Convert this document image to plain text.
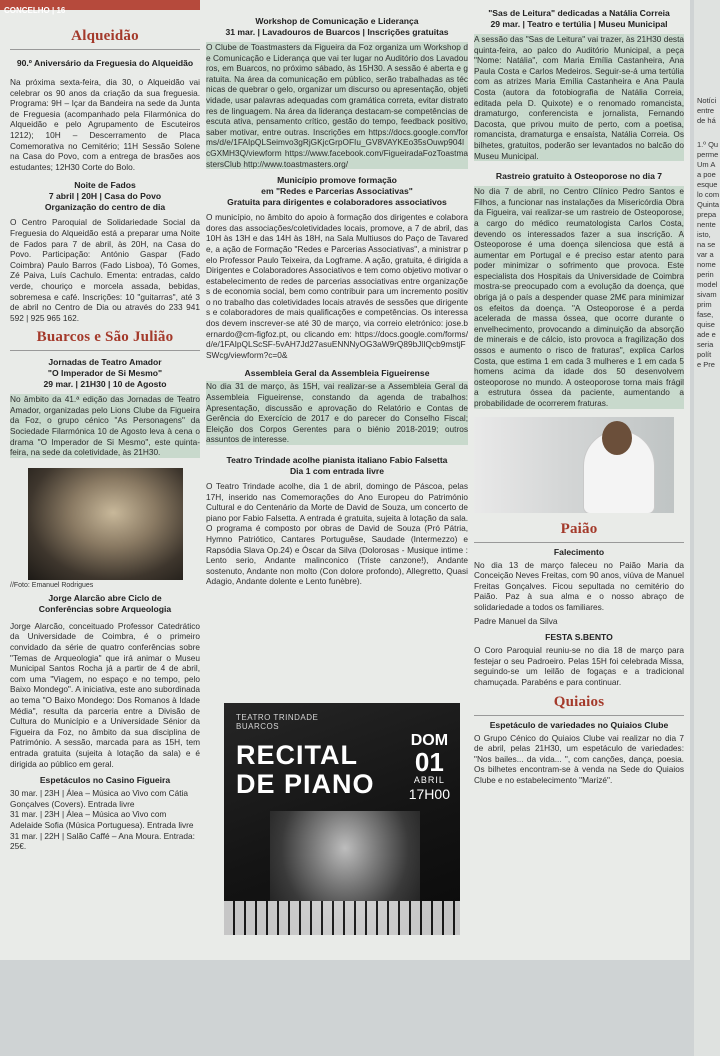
CONCELHO | 16
Alqueidão

90.º Aniversário da Freguesia do Alqueidão

Na próxima sexta-feira, dia 30, o Alqueidão vai celebrar os 90 anos da criação da sua freguesia. Programa: 9H – Içar da Bandeira na sede da Junta de Freguesia (acompanhado pela Filarmónica do Alqueidão e pelo Agrupamento de Escuteiros 1212); 10H – Descerramento de Placa Comemorativa no Cemitério; 11H Sessão Solene na Casa do Povo, com a entrega de brasões aos estudantes; 12H30 Corte do Bolo.

Noite de Fados

7 abril | 20H | Casa do Povo

Organização do centro de dia

O Centro Paroquial de Solidariedade Social da Freguesia do Alqueidão está a preparar uma Noite de Fados para 7 de abril, às 20H, na Casa do Povo. Participação: António Gaspar (Fado Coimbra) Paulo Barros (Fado Lisboa), Tó Gomes, Zé Paiva, Luís Cachulo. Ementa: entradas, caldo verde, chouriço e morcela assada, bebidas, sobremesa e café. Inscrições: 10 "guitarras", até 3 de abril no Centro de Dia ou através do 233 941 592 | 925 965 162.

Buarcos e São Julião

Jornadas de Teatro Amador

"O Imperador de Si Mesmo"

29 mar. | 21H30 | 10 de Agosto

No âmbito da 41.ª edição das Jornadas de Teatro Amador, organizadas pelo Lions Clube da Figueira da Foz, o grupo cénico "As Personagens" da Sociedade Filarmónica 10 de Agosto leva à cena o drama "O Imperador de Si Mesmo", este quinta-feira, na sede da coletividade, às 21H30.

//Foto: Emanuel Rodrigues

Jorge Alarcão abre Ciclo de

Conferências sobre Arqueologia

Jorge Alarcão, conceituado Professor Catedrático da Universidade de Coimbra, é o primeiro convidado da série de quatro conferências sobre "Temas de Arqueologia" que irá animar o Museu Municipal Santos Rocha já a partir de 4 de abril, com uma "Viagem, no espaço e no tempo, pelo Baixo Mondego". A iniciativa, este ano subordinada ao tema "O Baixo Mondego: Dos Romanos à Idade Média", resulta da parceria entre a Divisão de Cultura do Município e a Universidade Sénior da Figueira da Foz, no âmbito da sua disciplina de Património. A sessão, marcada para as 15H, tem entrada gratuita (sujeita à lotação da sala) e é dirigida ao público em geral.

Espetáculos no Casino Figueira

30 mar. | 23H | Álea – Música ao Vivo com Cátia Gonçalves (Covers). Entrada livre

31 mar. | 23H | Álea – Música ao Vivo com Adelaide Sofia (Música Portuguesa). Entrada livre

31 mar. | 22H | Salão Caffé – Ana Moura. Entrada: 25€.

Workshop de Comunicação e Liderança

31 mar. | Lavadouros de Buarcos | Inscrições gratuitas

O Clube de Toastmasters da Figueira da Foz organiza um Workshop de Comunicação e Liderança que vai ter lugar no Auditório dos Lavadouros, em Buarcos, no próximo sábado, às 15H30. A sessão é aberta e gratuita. Na área da comunicação em público, serão trabalhadas as técnicas de quebrar o gelo, organizar um discurso ou apresentação, objetividade, usar palavras adequadas com gramática correta, evitar distratores de linguagem. Na área da liderança destacam-se competências de escuta ativa, pensamento crítico, gestão do tempo, feedback positivo, saber motivar, entre outras. Inscrições em https://docs.google.com/forms/d/e/1FAIpQLSeimvo3gRjGKjcGrpOFIu_GV8VAYKEo35sOuwp904lcGXMH3Q/viewform https://www.facebook.com/FigueiradaFozToastmastersClub http://www.toastmasters.org/

Município promove formação

em "Redes e Parcerias Associativas"

Gratuita para dirigentes e colaboradores associativos

O município, no âmbito do apoio à formação dos dirigentes e colaboradores das associações/coletividades locais, promove, a 7 de abril, das 10H às 13H e das 14H às 18H, na Sala Multiusos do Paço de Tavarede, a ação de Formação "Redes e Parcerias Associativas", a ministrar pelo Professor Paulo Teixeira, da Logframe. A ação, gratuita, é dirigida a Dirigentes e Colaboradores Associativos e tem como objetivo motivar o estabelecimento de redes de parcerias associativas entre organizações de economia social, bem como contribuir para um incremento positivo no trabalho das coletividades locais através de sessões que dirigentes e colaboradores de mais qualificações e competências. Os interessados devem inscrever-se até 30 de março, via correio eletrónico: jose.bernardo@cm-figfoz.pt, ou clicando em: https://docs.google.com/forms/d/e/1FAIpQLScSF-5vAH7Jd27asuENNNyOG3aW9rQ89bJlIQcb9mstjFSWcg/viewform?c=0&

Assembleia Geral da Assembleia Figueirense

No dia 31 de março, às 15H, vai realizar-se a Assembleia Geral da Assembleia Figueirense, constando da agenda de trabalhos: Apresentação, discussão e aprovação do Relatório e Contas de Gerência do Exercício de 2017 e do parecer do Conselho Fiscal; Eleição dos Corpos Gerentes para o biénio 2018-2019; outros assuntos de interesse.

Teatro Trindade acolhe pianista italiano Fabio Falsetta

Dia 1 com entrada livre

O Teatro Trindade acolhe, dia 1 de abril, domingo de Páscoa, pelas 17H, inserido nas Comemorações do Ano Europeu do Património Cultural e do Centenário da Morte de David de Souza, um concerto de piano por Fabio Falsetta. A entrada é gratuita, sujeita à lotação da sala. O programa é composto por obras de David de Souza (Pró Pátria, Hymno Patriótico, Cantares Portuguêse, Saudade (Intermezzo) e Rapsódia Slava Op.24) e Óscar da Silva (Dolorosas - Musique intime : Lento serio, Andante malinconico (Triste canzone!), Andante sostenuto, Andante non molto (Con dolore profondo), Allegretto, Quasi Adagio, Andante dolente e Lento funèbre).

TEATRO TRINDADE
BUARCOS
RECITAL
DE PIANO
DOM
01
ABRIL
17H00

"Sas de Leitura" dedicadas a Natália Correia

29 mar. | Teatro e tertúlia | Museu Municipal

A sessão das "Sas de Leitura" vai trazer, às 21H30 desta quinta-feira, ao palco do Auditório Municipal, a peça "Nome: Natália", com Maria Emília Castanheira, Ana Paula Costa e Carlos Medeiros. Seguir-se-á uma tertúlia com as atrizes Maria Emília Castanheira e Ana Paula Costa (autora da fotobiografia de Natália Correia, editada pela D. Quixote) e o renomado romancista, dramaturgo, conferencista e jornalista, Fernando Dacosta, que privou muito de perto, com a poetisa, romancista, dramaturga e ensaísta, Natália Correia. Os bilhetes, gratuitos, poderão ser levantados no balcão do Museu Municipal.

Rastreio gratuito à Osteoporose no dia 7

No dia 7 de abril, no Centro Clínico Pedro Santos e Filhos, a funcionar nas instalações da Misericórdia Obra da Figueira, vai realizar-se um rastreio de Osteoporose, a cargo do médico reumatologista Carlos Costa, devendo os interessados fazer a sua inscrição. A Osteoporose é uma doença silenciosa que está a aumentar em Portugal e é preciso estar atento para poder minimizar o sofrimento que provoca. Este especialista dos Hospitais da Universidade de Coimbra mostra-se preocupado com a evolução da doença, que obriga já o país a despender quase 2M€ para minimizar os efeitos da doença. "A Osteoporose é a perda acelerada de massa óssea, que ocorre durante o envelhecimento, provocando a diminuição da absorção de minerais e de cálcio, isto provoca a fragilização dos ossos e aumento o risco de fraturas", explica Carlos Costa, que estima 1 em cada 3 mulheres e 1 em cada 5 homens acima da idade dos 50 desenvolvem osteoporose no mundo. A osteoporose torna mais frágil a estrutura óssea da paciente, aumentando a probabilidade de ocorrerem fraturas.

Paião

Falecimento

No dia 13 de março faleceu no Paião Maria da Conceição Neves Freitas, com 90 anos, viúva de Manuel Freitas Gonçalves. Ficou sepultada no cemitério do Paião. Paz à sua alma e o nosso abraço de solidariedade a todos os familiares.

Padre Manuel da Silva

FESTA S.BENTO

O Coro Paroquial reuniu-se no dia 18 de março para festejar o seu Padroeiro. Pelas 15H foi celebrada Missa, seguindo-se um leilão de fogaças e a tradicional chamuçada. Parabéns e para continuar.

Quiaios

Espetáculo de variedades no Quiaios Clube

O Grupo Cénico do Quiaios Clube vai realizar no dia 7 de abril, pelas 21H30, um espetáculo de variedades: "Nos bailes... da vida... ", com canções, dança, poesia. Os bilhetes encontram-se à venda na Sede do Quiaios Clube e no estabelecimento "Marizé".

Notíci
entre
de há
1.º Qu
perme
Um A
a poe
esque
lo com
Quinta
prepa
nente
isto,
na se
var a
nome
perin
model
sivam
prim
fase,
quise
ade e
seria
polít
e Pre
